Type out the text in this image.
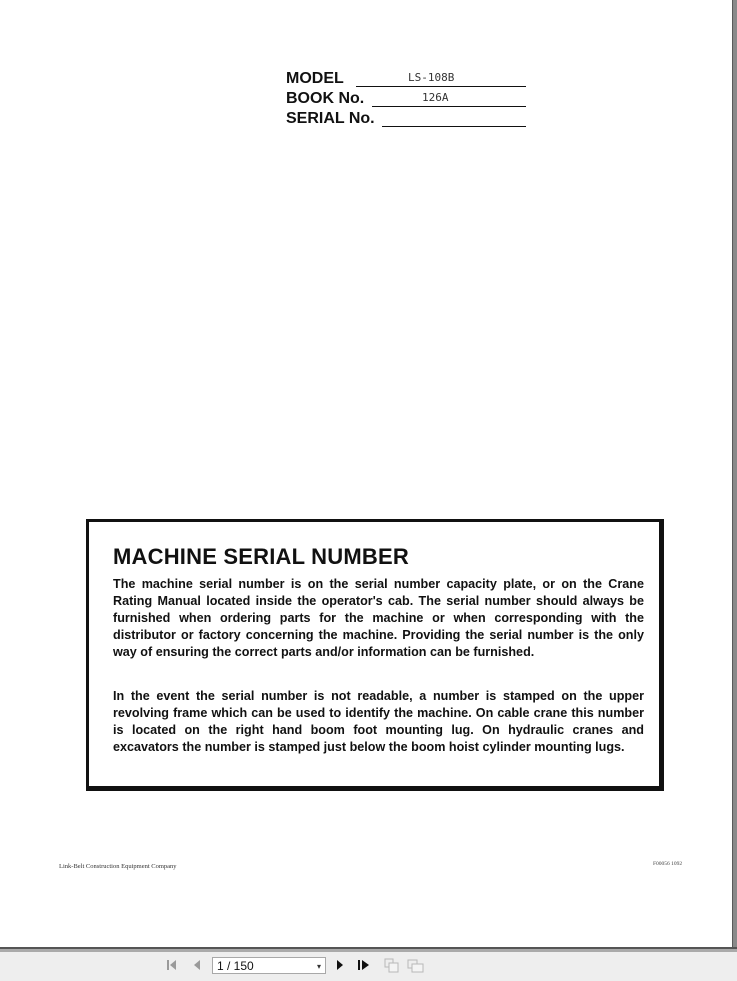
MODEL	LS-108B
BOOK No.	126A
SERIAL No.
MACHINE SERIAL NUMBER
The machine serial number is on the serial number capacity plate, or on the Crane Rating Manual located inside the operator's cab. The serial number should always be furnished when ordering parts for the machine or when corresponding with the distributor or factory concerning the machine. Providing the serial number is the only way of ensuring the correct parts and/or information can be furnished.
In the event the serial number is not readable, a number is stamped on the upper revolving frame which can be used to identify the machine. On cable crane this number is located on the right hand boom foot mounting lug. On hydraulic cranes and excavators the number is stamped just below the boom hoist cylinder mounting lugs.
Link-Belt Construction Equipment Company	F00056 1092
1 / 150	▾
